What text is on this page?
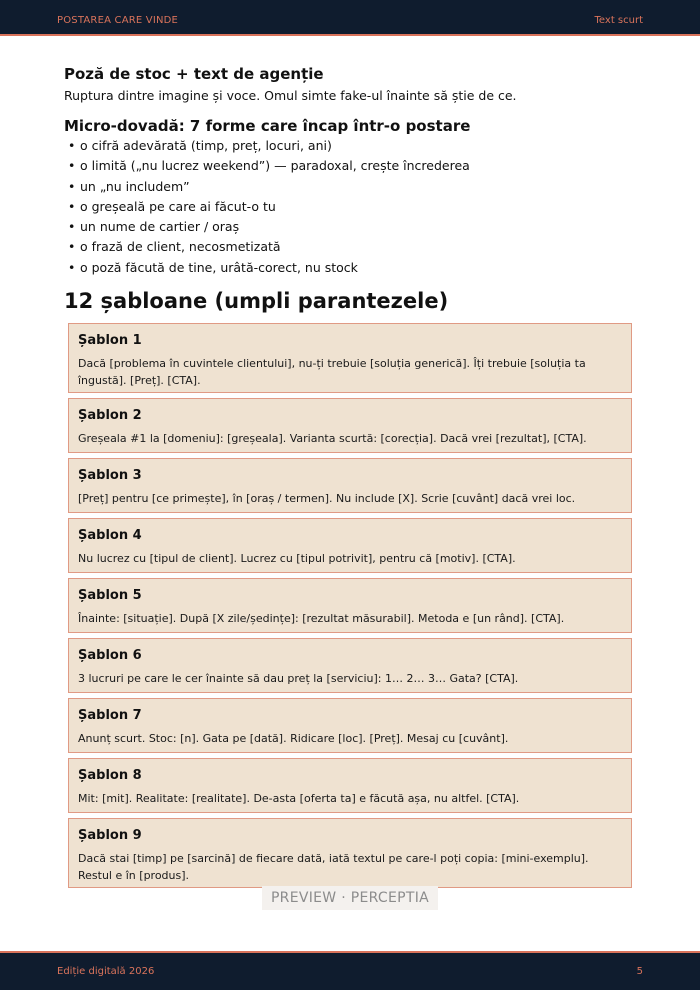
POSTAREA CARE VINDE	Text scurt
Poză de stoc + text de agenție

Ruptura dintre imagine și voce. Omul simte fake-ul înainte să știe de ce.

Micro-dovadă: 7 forme care încap într-o postare
• o cifră adevărată (timp, preț, locuri, ani)
• o limită („nu lucrez weekend”) — paradoxal, crește încrederea
• un „nu includem”
• o greșeală pe care ai făcut-o tu
• un nume de cartier / oraș
• o frază de client, necosmetizată
• o poză făcută de tine, urâtă-corect, nu stock
12 șabloane (umpli parantezele)

Șablon 1

Dacă [problema în cuvintele clientului], nu-ți trebuie [soluția generică]. Îți trebuie [soluția ta îngustă]. [Preț]. [CTA].

Șablon 2

Greșeala #1 la [domeniu]: [greșeala]. Varianta scurtă: [corecția]. Dacă vrei [rezultat], [CTA].

Șablon 3

[Preț] pentru [ce primește], în [oraș / termen]. Nu include [X]. Scrie [cuvânt] dacă vrei loc.

Șablon 4

Nu lucrez cu [tipul de client]. Lucrez cu [tipul potrivit], pentru că [motiv]. [CTA].

Șablon 5

Înainte: [situație]. După [X zile/ședințe]: [rezultat măsurabil]. Metoda e [un rând]. [CTA].

Șablon 6

3 lucruri pe care le cer înainte să dau preț la [serviciu]: 1… 2… 3… Gata? [CTA].

Șablon 7

Anunț scurt. Stoc: [n]. Gata pe [dată]. Ridicare [loc]. [Preț]. Mesaj cu [cuvânt].

Șablon 8

Mit: [mit]. Realitate: [realitate]. De-asta [oferta ta] e făcută așa, nu altfel. [CTA].

Șablon 9

Dacă stai [timp] pe [sarcină] de fiecare dată, iată textul pe care-l poți copia: [mini-exemplu]. Restul e în [produs].

PREVIEW · PERCEPTIA
Ediție digitală 2026	5
